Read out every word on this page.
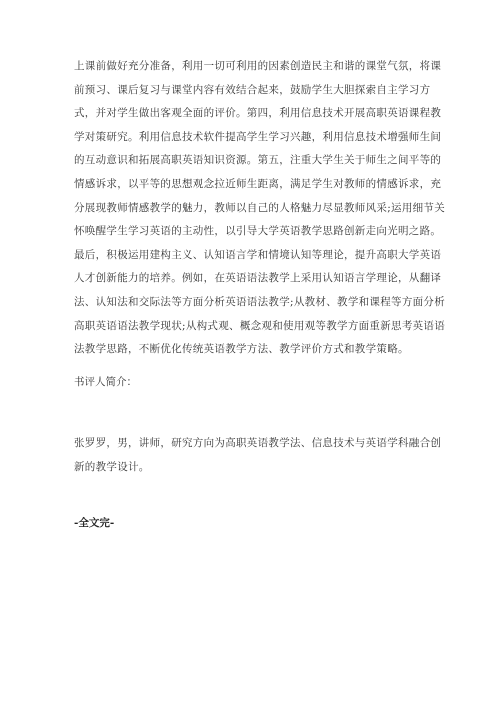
上课前做好充分准备，利用一切可利用的因素创造民主和谐的课堂气氛，将课
前预习、课后复习与课堂内容有效结合起来，鼓励学生大胆探索自主学习方
式，并对学生做出客观全面的评价。第四，利用信息技术开展高职英语课程教
学对策研究。利用信息技术软件提高学生学习兴趣，利用信息技术增强师生间
的互动意识和拓展高职英语知识资源。第五，注重大学生关于师生之间平等的
情感诉求，以平等的思想观念拉近师生距离，满足学生对教师的情感诉求，充
分展现教师情感教学的魅力，教师以自己的人格魅力尽显教师风采;运用细节关
怀唤醒学生学习英语的主动性，以引导大学英语教学思路创新走向光明之路。
最后，积极运用建构主义、认知语言学和情境认知等理论，提升高职大学英语
人才创新能力的培养。例如，在英语语法教学上采用认知语言学理论，从翻译
法、认知法和交际法等方面分析英语语法教学;从教材、教学和课程等方面分析
高职英语语法教学现状;从构式观、概念观和使用观等教学方面重新思考英语语
法教学思路，不断优化传统英语教学方法、教学评价方式和教学策略。
书评人简介：
张罗罗，男，讲师，研究方向为高职英语教学法、信息技术与英语学科融合创
新的教学设计。
-全文完-
